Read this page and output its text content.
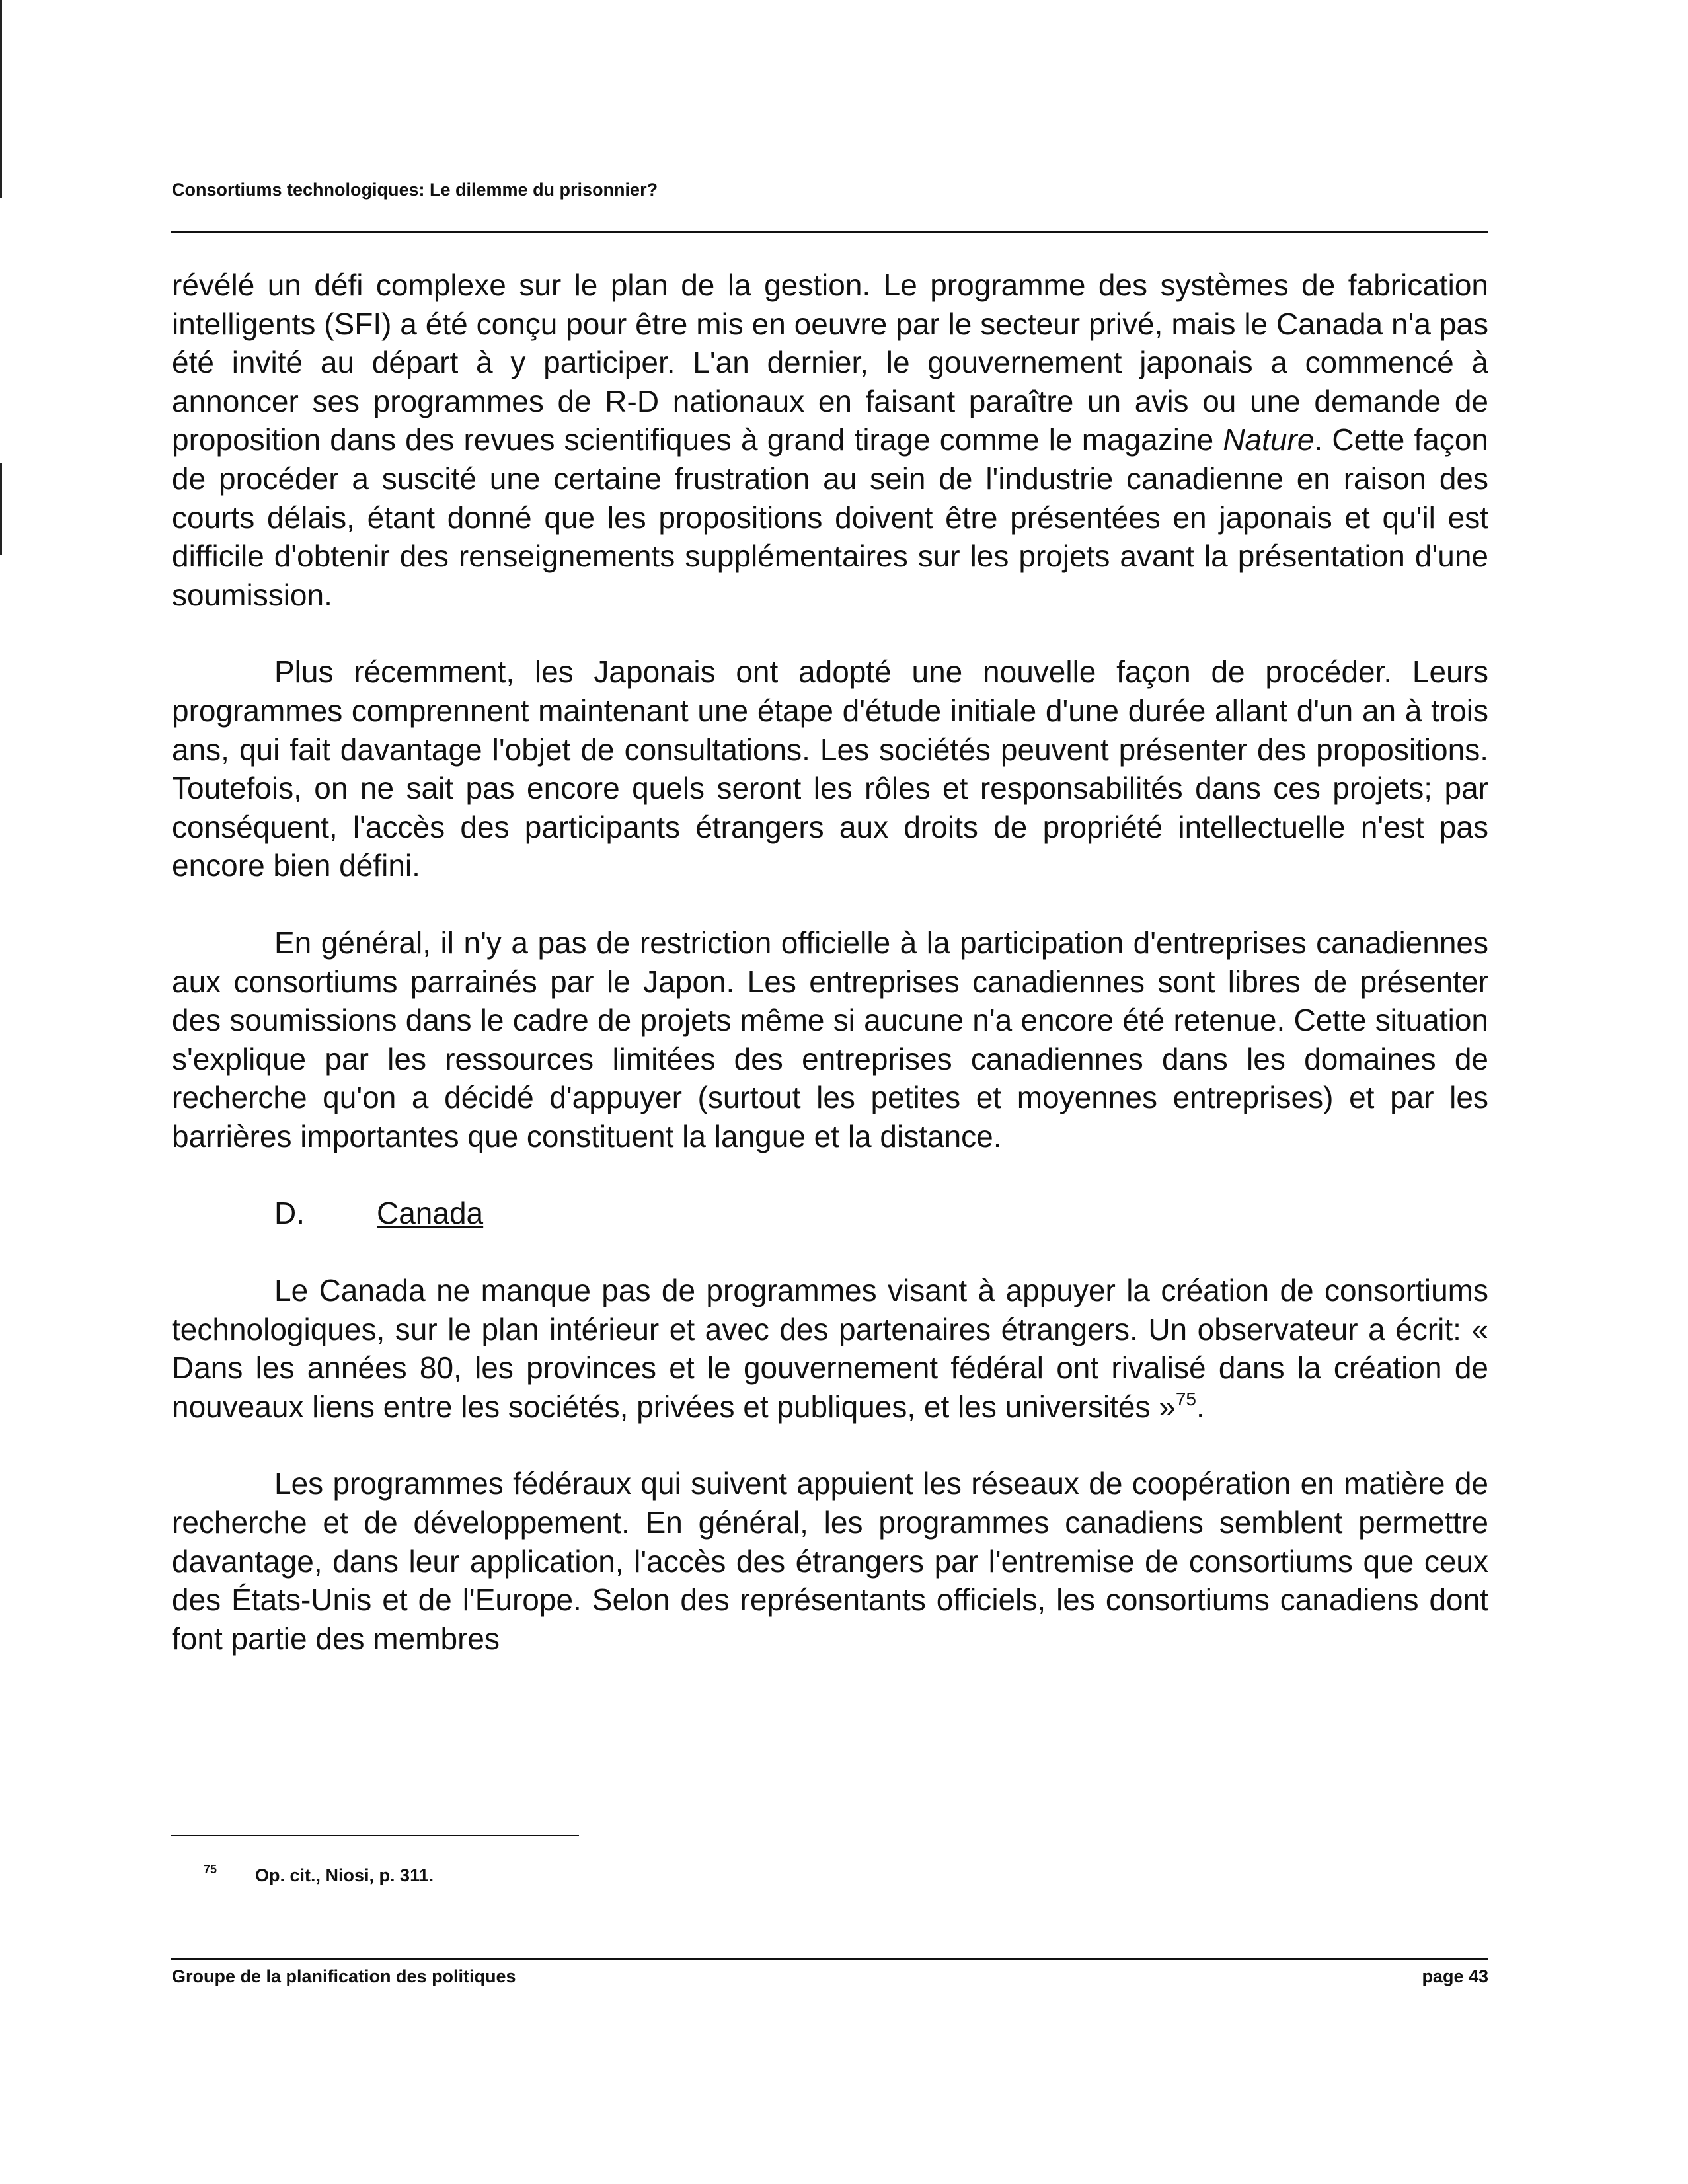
Consortiums technologiques: Le dilemme du prisonnier?

révélé un défi complexe sur le plan de la gestion. Le programme des systèmes de fabrication intelligents (SFI) a été conçu pour être mis en oeuvre par le secteur privé, mais le Canada n'a pas été invité au départ à y participer. L'an dernier, le gouvernement japonais a commencé à annoncer ses programmes de R-D nationaux en faisant paraître un avis ou une demande de proposition dans des revues scientifiques à grand tirage comme le magazine Nature. Cette façon de procéder a suscité une certaine frustration au sein de l'industrie canadienne en raison des courts délais, étant donné que les propositions doivent être présentées en japonais et qu'il est difficile d'obtenir des renseignements supplémentaires sur les projets avant la présentation d'une soumission.

Plus récemment, les Japonais ont adopté une nouvelle façon de procéder. Leurs programmes comprennent maintenant une étape d'étude initiale d'une durée allant d'un an à trois ans, qui fait davantage l'objet de consultations. Les sociétés peuvent présenter des propositions. Toutefois, on ne sait pas encore quels seront les rôles et responsabilités dans ces projets; par conséquent, l'accès des participants étrangers aux droits de propriété intellectuelle n'est pas encore bien défini.

En général, il n'y a pas de restriction officielle à la participation d'entreprises canadiennes aux consortiums parrainés par le Japon. Les entreprises canadiennes sont libres de présenter des soumissions dans le cadre de projets même si aucune n'a encore été retenue. Cette situation s'explique par les ressources limitées des entreprises canadiennes dans les domaines de recherche qu'on a décidé d'appuyer (surtout les petites et moyennes entreprises) et par les barrières importantes que constituent la langue et la distance.

D.	Canada

Le Canada ne manque pas de programmes visant à appuyer la création de consortiums technologiques, sur le plan intérieur et avec des partenaires étrangers. Un observateur a écrit: « Dans les années 80, les provinces et le gouvernement fédéral ont rivalisé dans la création de nouveaux liens entre les sociétés, privées et publiques, et les universités »$^{75}$.

Les programmes fédéraux qui suivent appuient les réseaux de coopération en matière de recherche et de développement. En général, les programmes canadiens semblent permettre davantage, dans leur application, l'accès des étrangers par l'entremise de consortiums que ceux des États-Unis et de l'Europe. Selon des représentants officiels, les consortiums canadiens dont font partie des membres

$^{75}$ Op. cit., Niosi, p. 311.
Groupe de la planification des politiques	page 43
